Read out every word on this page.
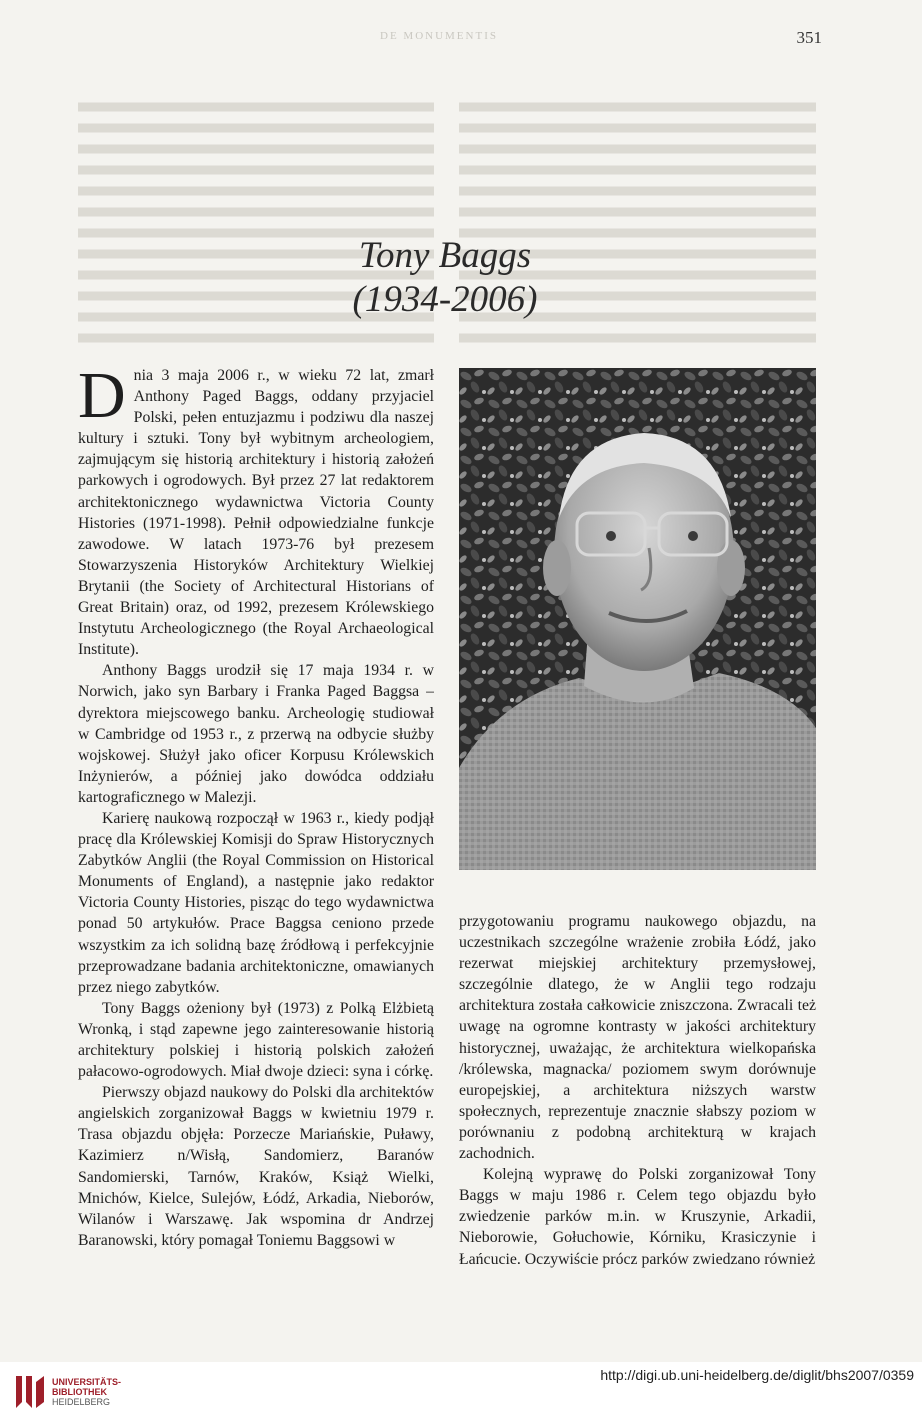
DE MONUMENTIS	351
Tony Baggs
(1934-2006)

Dnia 3 maja 2006 r., w wieku 72 lat, zmarł Anthony Paged Baggs, oddany przyjaciel Polski, pełen entuzjazmu i podziwu dla naszej kultury i sztuki. Tony był wybitnym archeologiem, zajmującym się historią architektury i historią założeń parkowych i ogrodowych. Był przez 27 lat redaktorem architektonicznego wydawnictwa Victoria County Histories (1971-1998). Pełnił odpowiedzialne funkcje zawodowe. W latach 1973-76 był prezesem Stowarzyszenia Historyków Architektury Wielkiej Brytanii (the Society of Architectural Historians of Great Britain) oraz, od 1992, prezesem Królewskiego Instytutu Archeologicznego (the Royal Archaeological Institute).

Anthony Baggs urodził się 17 maja 1934 r. w Norwich, jako syn Barbary i Franka Paged Baggsa – dyrektora miejscowego banku. Archeologię studiował w Cambridge od 1953 r., z przerwą na odbycie służby wojskowej. Służył jako oficer Korpusu Królewskich Inżynierów, a później jako dowódca oddziału kartograficznego w Malezji.

Karierę naukową rozpoczął w 1963 r., kiedy podjął pracę dla Królewskiej Komisji do Spraw Historycznych Zabytków Anglii (the Royal Commission on Historical Monuments of England), a następnie jako redaktor Victoria County Histories, pisząc do tego wydawnictwa ponad 50 artykułów. Prace Baggsa ceniono przede wszystkim za ich solidną bazę źródłową i perfekcyjnie przeprowadzane badania architektoniczne, omawianych przez niego zabytków.

Tony Baggs ożeniony był (1973) z Polką Elżbietą Wronką, i stąd zapewne jego zainteresowanie historią architektury polskiej i historią polskich założeń pałacowo-ogrodowych. Miał dwoje dzieci: syna i córkę.

Pierwszy objazd naukowy do Polski dla architektów angielskich zorganizował Baggs w kwietniu 1979 r. Trasa objazdu objęła: Porzecze Mariańskie, Puławy, Kazimierz n/Wisłą, Sandomierz, Baranów Sandomierski, Tarnów, Kraków, Książ Wielki, Mnichów, Kielce, Sulejów, Łódź, Arkadia, Nieborów, Wilanów i Warszawę. Jak wspomina dr Andrzej Baranowski, który pomagał Toniemu Baggsowi w

przygotowaniu programu naukowego objazdu, na uczestnikach szczególne wrażenie zrobiła Łódź, jako rezerwat miejskiej architektury przemysłowej, szczególnie dlatego, że w Anglii tego rodzaju architektura została całkowicie zniszczona. Zwracali też uwagę na ogromne kontrasty w jakości architektury historycznej, uważając, że architektura wielkopańska /królewska, magnacka/ poziomem swym dorównuje europejskiej, a architektura niższych warstw społecznych, reprezentuje znacznie słabszy poziom w porównaniu z podobną architekturą w krajach zachodnich.

Kolejną wyprawę do Polski zorganizował Tony Baggs w maju 1986 r. Celem tego objazdu było zwiedzenie parków m.in. w Kruszynie, Arkadii, Nieborowie, Gołuchowie, Kórniku, Krasiczynie i Łańcucie. Oczywiście prócz parków zwiedzano również

UNIVERSITÄTS-
BIBLIOTHEK
HEIDELBERG
http://digi.ub.uni-heidelberg.de/diglit/bhs2007/0359
